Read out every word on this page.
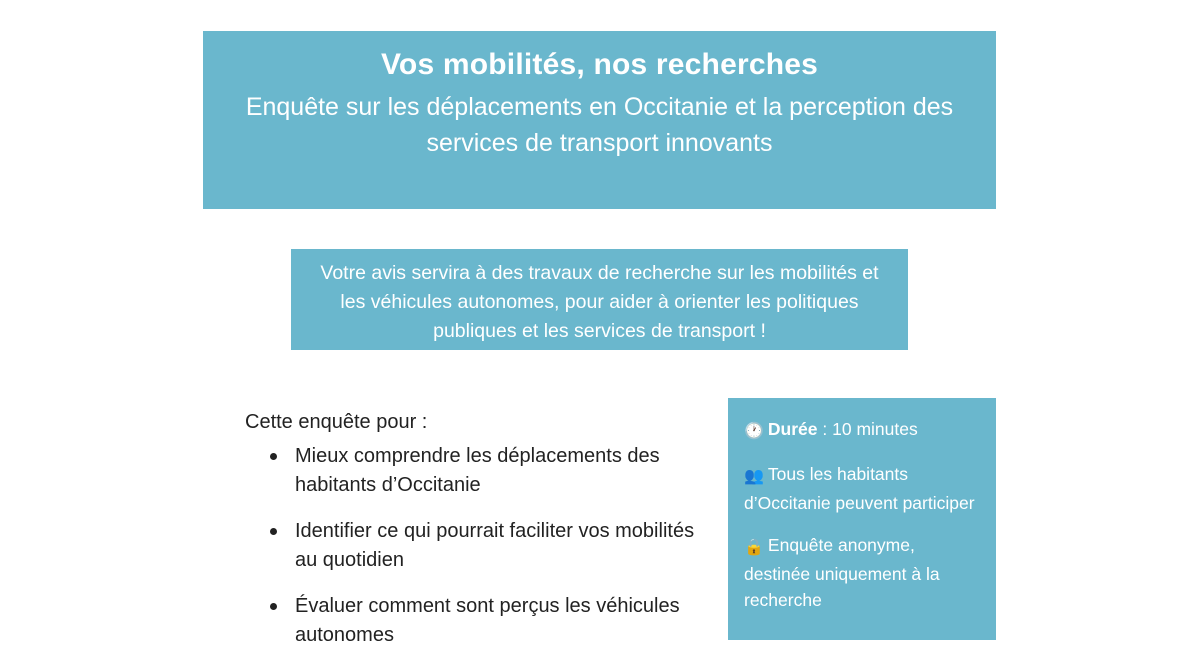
Vos mobilités, nos recherches
Enquête sur les déplacements en Occitanie et la perception des services de transport innovants
Votre avis servira à des travaux de recherche sur les mobilités et les véhicules autonomes, pour aider à orienter les politiques publiques et les services de transport !
Cette enquête pour :
Mieux comprendre les déplacements des habitants d’Occitanie
Identifier ce qui pourrait faciliter vos mobilités au quotidien
Évaluer comment sont perçus les véhicules autonomes
🕐 Durée : 10 minutes
👥 Tous les habitants d’Occitanie peuvent participer
🔒 Enquête anonyme, destinée uniquement à la recherche
